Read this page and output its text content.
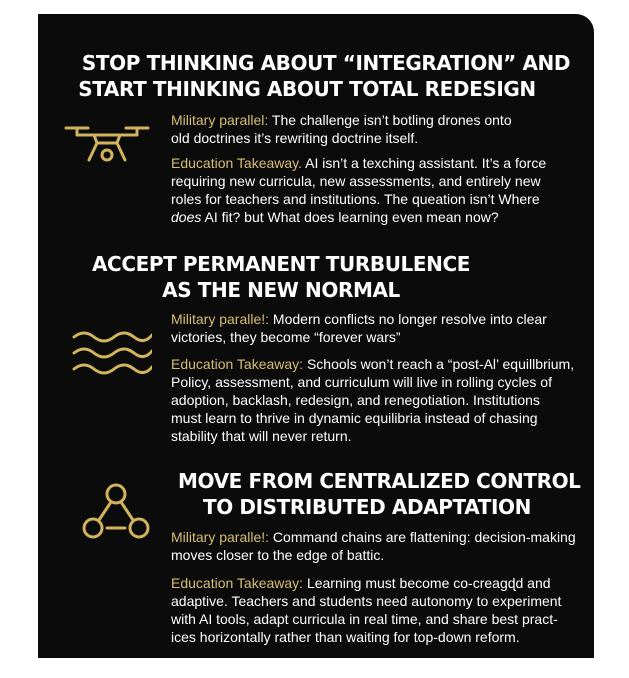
STOP THINKING ABOUT “INTEGRATION” AND
START THINKING ABOUT TOTAL REDESIGN
Military parallel: The challenge isn’t botling drones onto
old doctrines it’s rewriting doctrine itself.
Education Takeaway. AI isn’t a texching assistant. It’s a force
requiring new curricula, new assessments, and entirely new
roles for teachers and institutions. The queation isn’t Where
does AI fit? but What does learning even mean now?
ACCEPT PERMANENT TURBULENCE
AS THE NEW NORMAL
Military paralle!: Modern conflicts no longer resolve into clear
victories, they become “forever wars”
Education Takeaway: Schools won’t reach a “post-Al’ equillbrium,
Policy, assessment, and curriculum will live in rolling cycles of
adoption, backlash, redesign, and renegotiation. Institutions
must learn to thrive in dynamic equilibria instead of chasing
stability that will never return.
MOVE FROM CENTRALIZED CONTROL
TO DISTRIBUTED ADAPTATION
Military paralle!: Command chains are flattening: decision-making
moves closer to the edge of battic.
Education Takeaway: Learning must become co-creagɖd and
adaptive. Teachers and students need autonomy to experiment
with AI tools, adapt curricula in real time, and share best pract-
ices horizontally rather than waiting for top-down reform.
